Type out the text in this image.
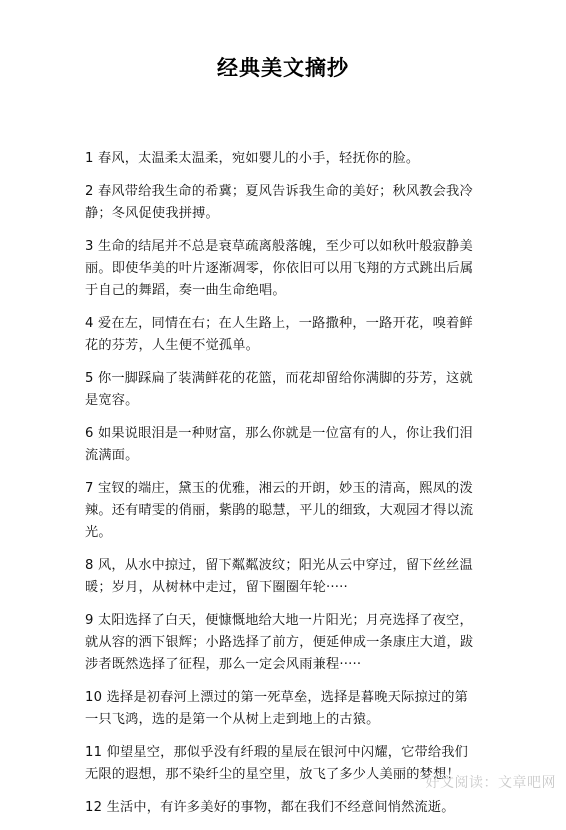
经典美文摘抄
1 春风，太温柔太温柔，宛如婴儿的小手，轻抚你的脸。
2 春风带给我生命的希冀；夏风告诉我生命的美好；秋风教会我冷静；冬风促使我拼搏。
3 生命的结尾并不总是衰草疏离般落魄，至少可以如秋叶般寂静美丽。即使华美的叶片逐渐凋零，你依旧可以用飞翔的方式跳出后属于自己的舞蹈，奏一曲生命绝唱。
4 爱在左，同情在右；在人生路上，一路撒种，一路开花，嗅着鲜花的芬芳，人生便不觉孤单。
5 你一脚踩扁了装满鲜花的花篮，而花却留给你满脚的芬芳，这就是宽容。
6 如果说眼泪是一种财富，那么你就是一位富有的人，你让我们泪流满面。
7 宝钗的端庄，黛玉的优雅，湘云的开朗，妙玉的清高，熙凤的泼辣。还有晴雯的俏丽，紫鹃的聪慧，平儿的细致，大观园才得以流光。
8 风，从水中掠过，留下粼粼波纹；阳光从云中穿过，留下丝丝温暖；岁月，从树林中走过，留下圈圈年轮·····
9 太阳选择了白天，便慷慨地给大地一片阳光；月亮选择了夜空，就从容的洒下银辉；小路选择了前方，便延伸成一条康庄大道，跋涉者既然选择了征程，那么一定会风雨兼程·····
10 选择是初春河上漂过的第一死草垒，选择是暮晚天际掠过的第一只飞鸿，选的是第一个从树上走到地上的古猿。
11 仰望星空，那似乎没有纤瑕的星辰在银河中闪耀，它带给我们无限的遐想，那不染纤尘的星空里，放飞了多少人美丽的梦想！
12 生活中，有许多美好的事物，都在我们不经意间悄然流逝。
好文阅读：文章吧网
